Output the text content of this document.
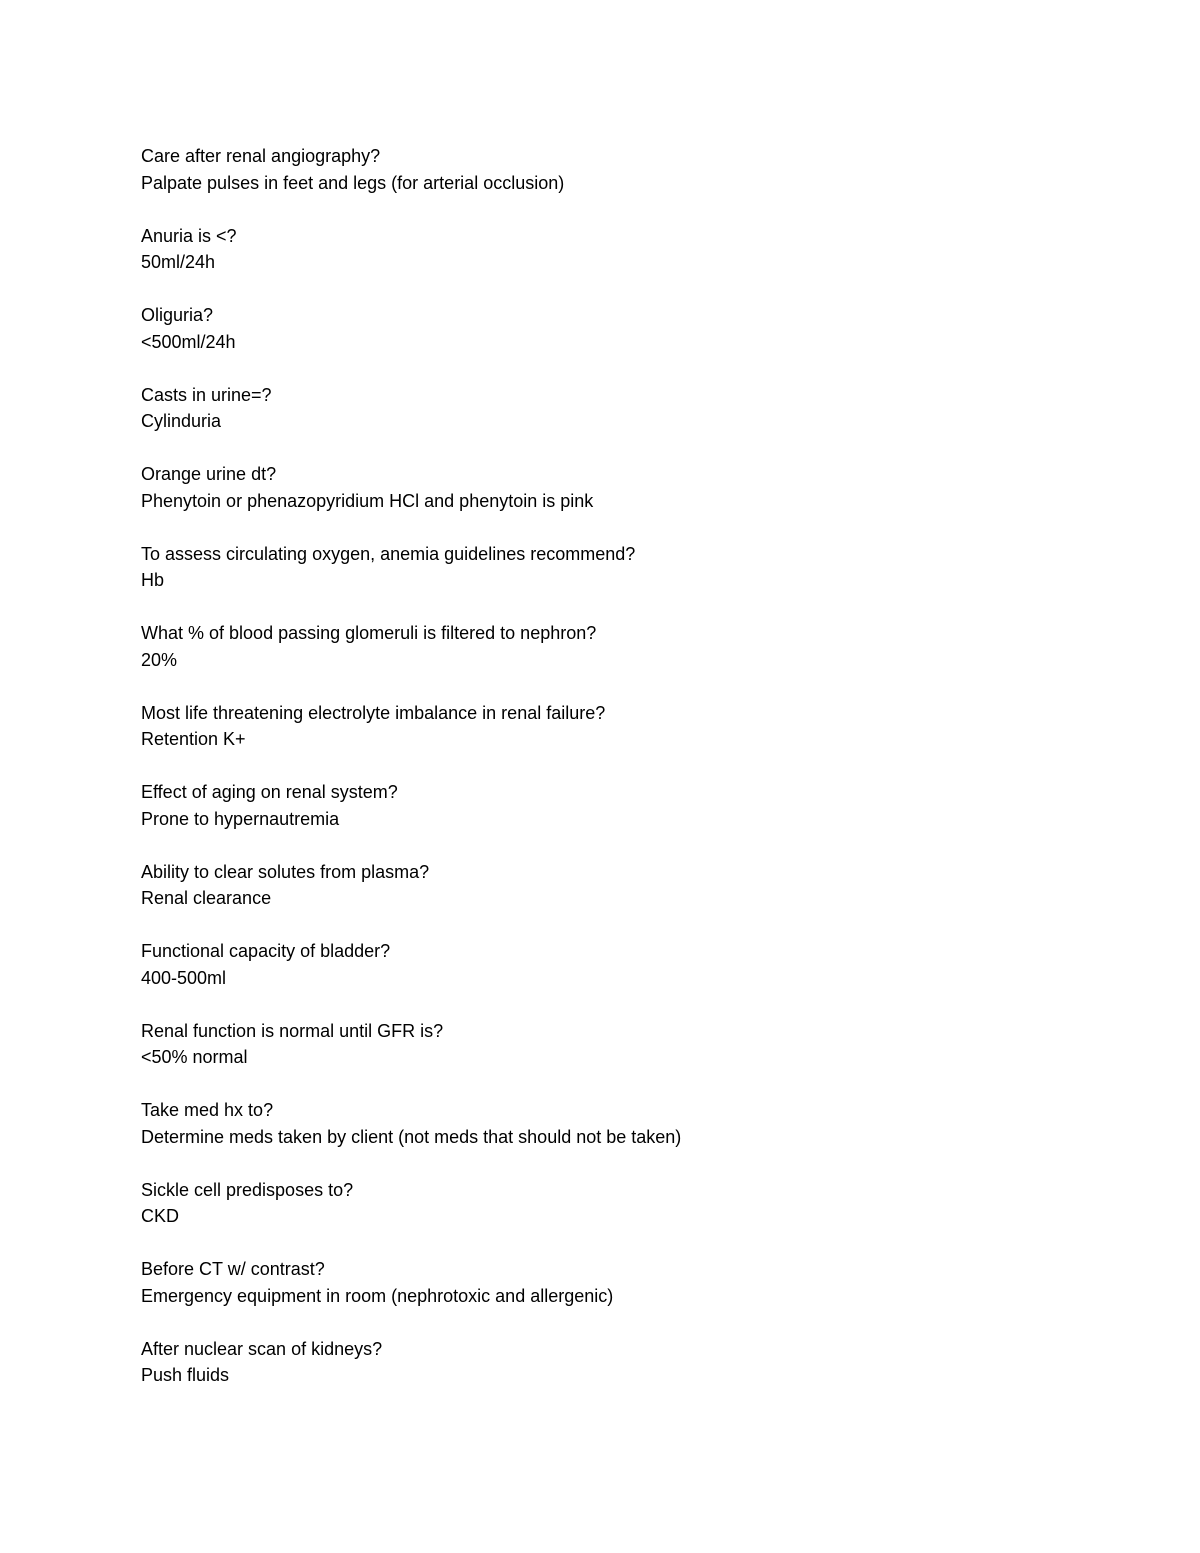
Care after renal angiography?
Palpate pulses in feet and legs (for arterial occlusion)
Anuria is <?
50ml/24h
Oliguria?
<500ml/24h
Casts in urine=?
Cylinduria
Orange urine dt?
Phenytoin or phenazopyridium HCl and phenytoin is pink
To assess circulating oxygen, anemia guidelines recommend?
Hb
What % of blood passing glomeruli is filtered to nephron?
20%
Most life threatening electrolyte imbalance in renal failure?
Retention K+
Effect of aging on renal system?
Prone to hypernautremia
Ability to clear solutes from plasma?
Renal clearance
Functional capacity of bladder?
400-500ml
Renal function is normal until GFR is?
<50% normal
Take med hx to?
Determine meds taken by client (not meds that should not be taken)
Sickle cell predisposes to?
CKD
Before CT w/ contrast?
Emergency equipment in room (nephrotoxic and allergenic)
After nuclear scan of kidneys?
Push fluids
